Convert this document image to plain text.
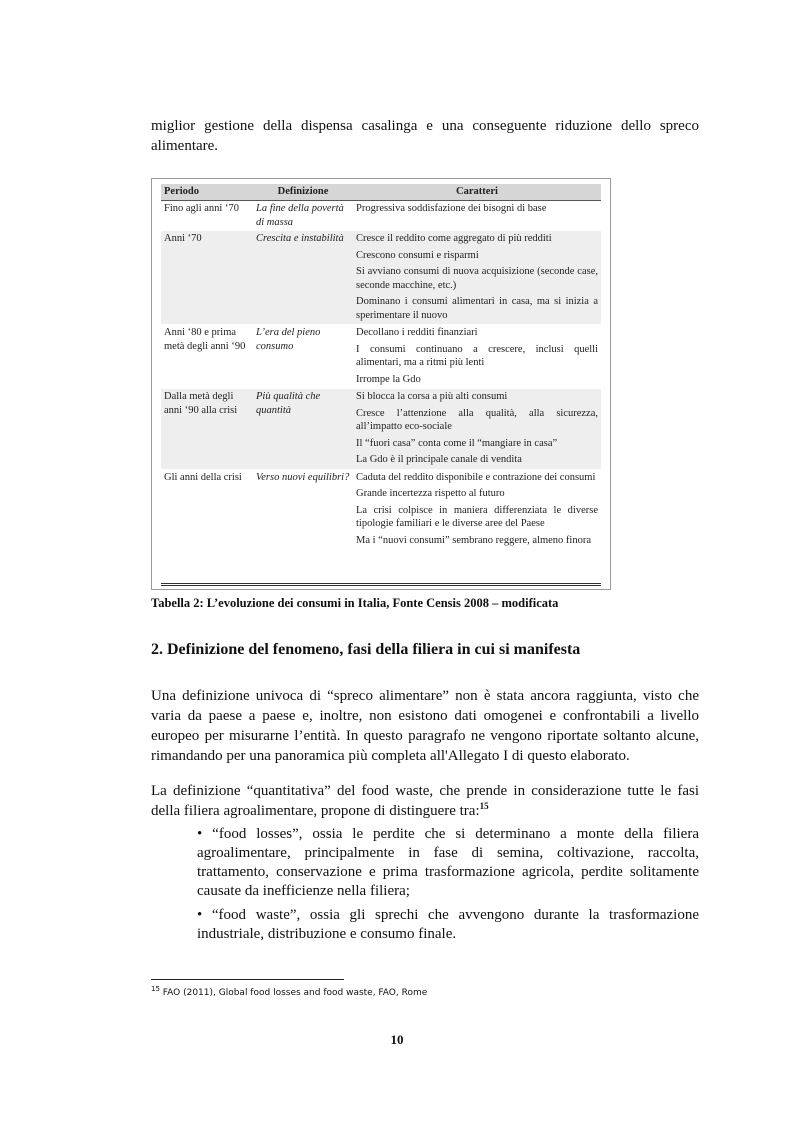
miglior gestione della dispensa casalinga e una conseguente riduzione dello spreco alimentare.

Periodo	Definizione	Caratteri
Fino agli anni ‘70	La fine della povertà di massa	Progressiva soddisfazione dei bisogni di base

Anni ‘70	Crescita e instabilità	Cresce il reddito come aggregato di più redditi
Crescono consumi e risparmi
Si avviano consumi di nuova acquisizione (seconde case, seconde macchine, etc.)
Dominano i consumi alimentari in casa, ma si inizia a sperimentare il nuovo

Anni ‘80 e prima metà degli anni ‘90	L’era del pieno consumo	Decollano i redditi finanziari
I consumi continuano a crescere, inclusi quelli alimentari, ma a ritmi più lenti
Irrompe la Gdo

Dalla metà degli anni ‘90 alla crisi	Più qualità che quantità	Si blocca la corsa a più alti consumi
Cresce l’attenzione alla qualità, alla sicurezza, all’impatto eco-sociale
Il “fuori casa” conta come il “mangiare in casa”
La Gdo è il principale canale di vendita

Gli anni della crisi	Verso nuovi equilibri?	Caduta del reddito disponibile e contrazione dei consumi
Grande incertezza rispetto al futuro
La crisi colpisce in maniera differenziata le diverse tipologie familiari e le diverse aree del Paese
Ma i “nuovi consumi” sembrano reggere, almeno finora
Tabella 2: L’evoluzione dei consumi in Italia, Fonte Censis 2008 – modificata
2. Definizione del fenomeno, fasi della filiera in cui si manifesta

Una definizione univoca di “spreco alimentare” non è stata ancora raggiunta, visto che varia da paese a paese e, inoltre, non esistono dati omogenei e confrontabili a livello europeo per misurarne l’entità. In questo paragrafo ne vengono riportate soltanto alcune, rimandando per una panoramica più completa all'Allegato I di questo elaborato.

La definizione “quantitativa” del food waste, che prende in considerazione tutte le fasi della filiera agroalimentare, propone di distinguere tra:$^{15}$

• “food losses”, ossia le perdite che si determinano a monte della filiera agroalimentare, principalmente in fase di semina, coltivazione, raccolta, trattamento, conservazione e prima trasformazione agricola, perdite solitamente causate da inefficienze nella filiera;
• “food waste”, ossia gli sprechi che avvengono durante la trasformazione industriale, distribuzione e consumo finale.
$^{15}$ FAO (2011), Global food losses and food waste, FAO, Rome
10
